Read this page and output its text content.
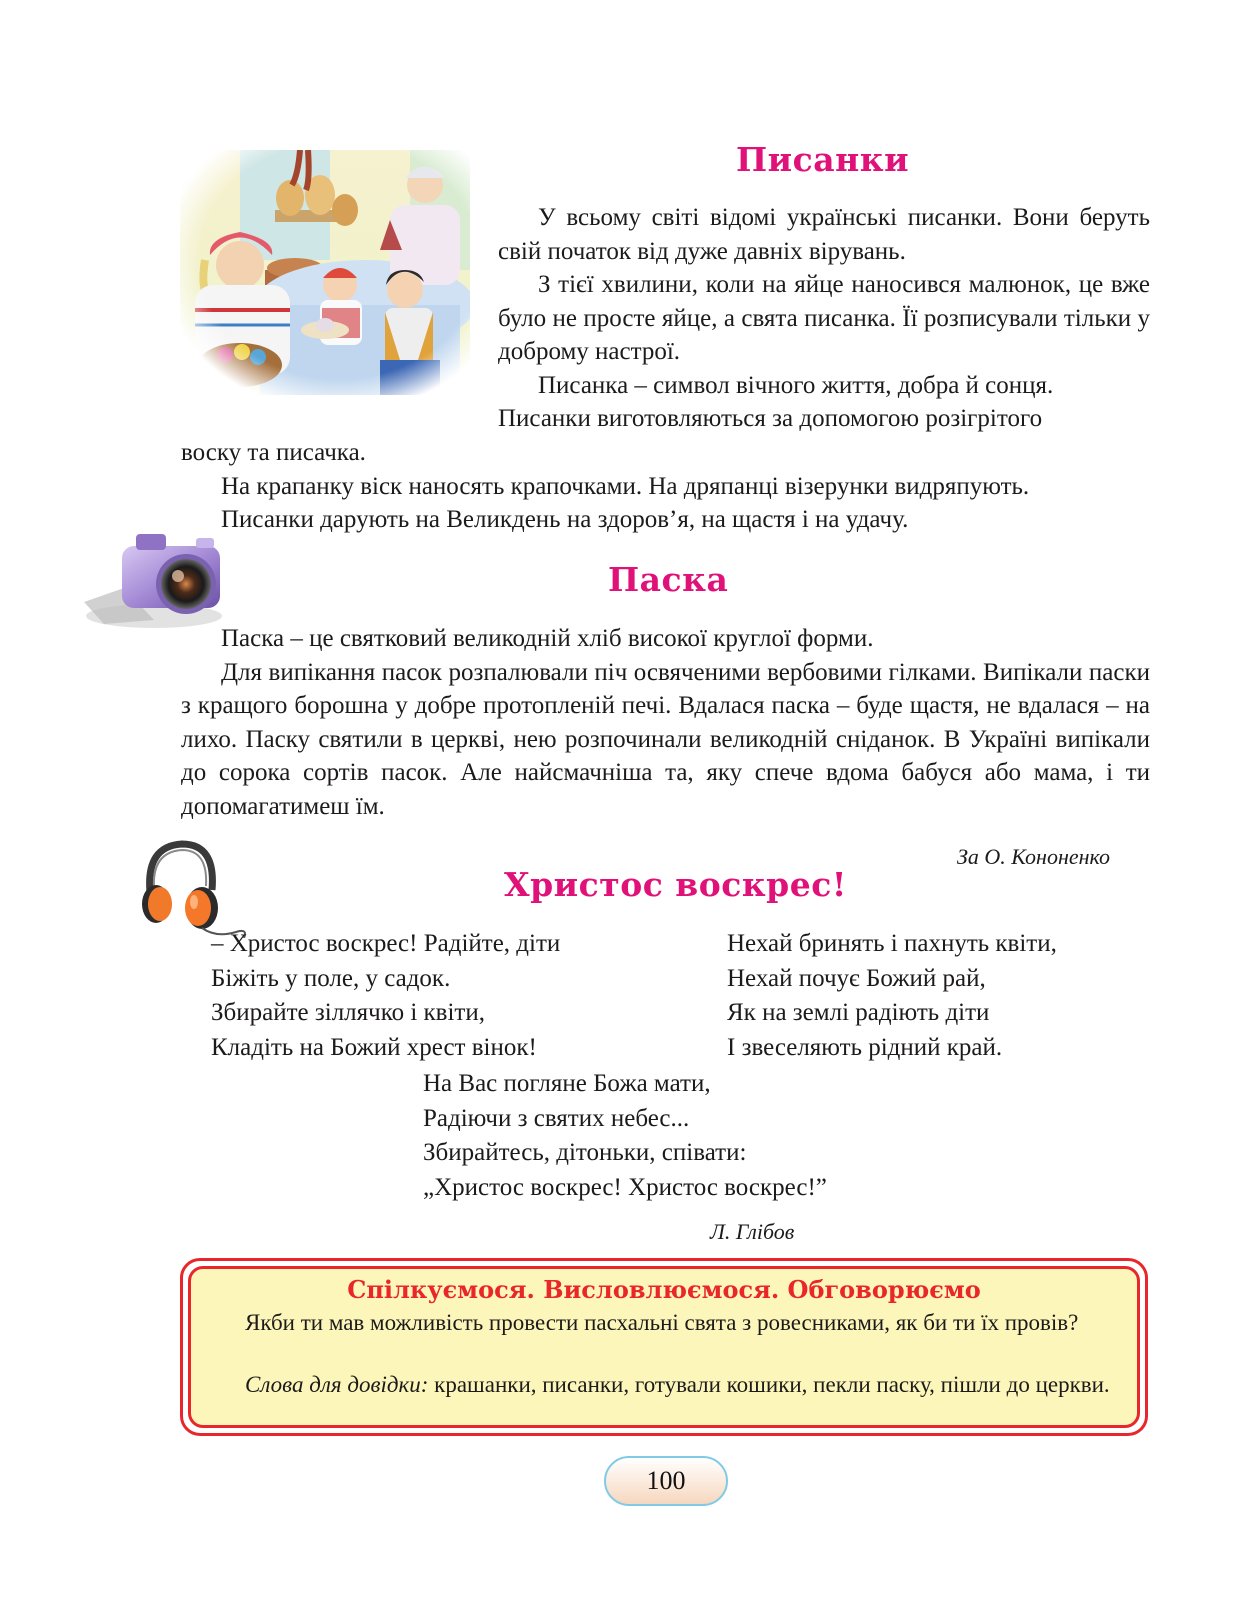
Писанки

У всьому світі відомі українські писанки. Вони беруть свій початок від дуже давніх вірувань.

З тієї хвилини, коли на яйце наносився малюнок, це вже було не просте яйце, а свята писанка. Її розписували тільки у доброму настрої.

Писанка – символ вічного життя, добра й сонця.

Писанки виготовляються за допомогою розігрітого

воску та писачка.

На крапанку віск наносять крапочками. На дряпанці візерунки видряпують.

Писанки дарують на Великдень на здоров’я, на щастя і на удачу.

Паска

Паска – це святковий великодній хліб високої круглої форми.

Для випікання пасок розпалювали піч освяченими вербовими гілками. Випікали паски з кращого борошна у добре протопленій печі. Вдалася паска – буде щастя, не вдалася – на лихо. Паску святили в церкві, нею розпочинали великодній сніданок. В Україні випікали до сорока сортів пасок. Але найсмачніша та, яку спече вдома бабуся або мама, і ти допомагатимеш їм.

За О. Кононенко
Христос воскрес!
– Христос воскрес! Радійте, діти
Біжіть у поле, у садок.
Збирайте зіллячко і квіти,
Кладіть на Божий хрест вінок!
Нехай бринять і пахнуть квіти,
Нехай почує Божий рай,
Як на землі радіють діти
І звеселяють рідний край.
На Вас погляне Божа мати,
Радіючи з святих небес...
Збирайтесь, дітоньки, співати:
„Христос воскрес! Христос воскрес!”
Л. Глібов
Спілкуємося. Висловлюємося. Обговорюємо

Якби ти мав можливість провести пасхальні свята з ровесниками, як би ти їх провів?

Слова для довідки: крашанки, писанки, готували кошики, пекли паску, пішли до церкви.

100
